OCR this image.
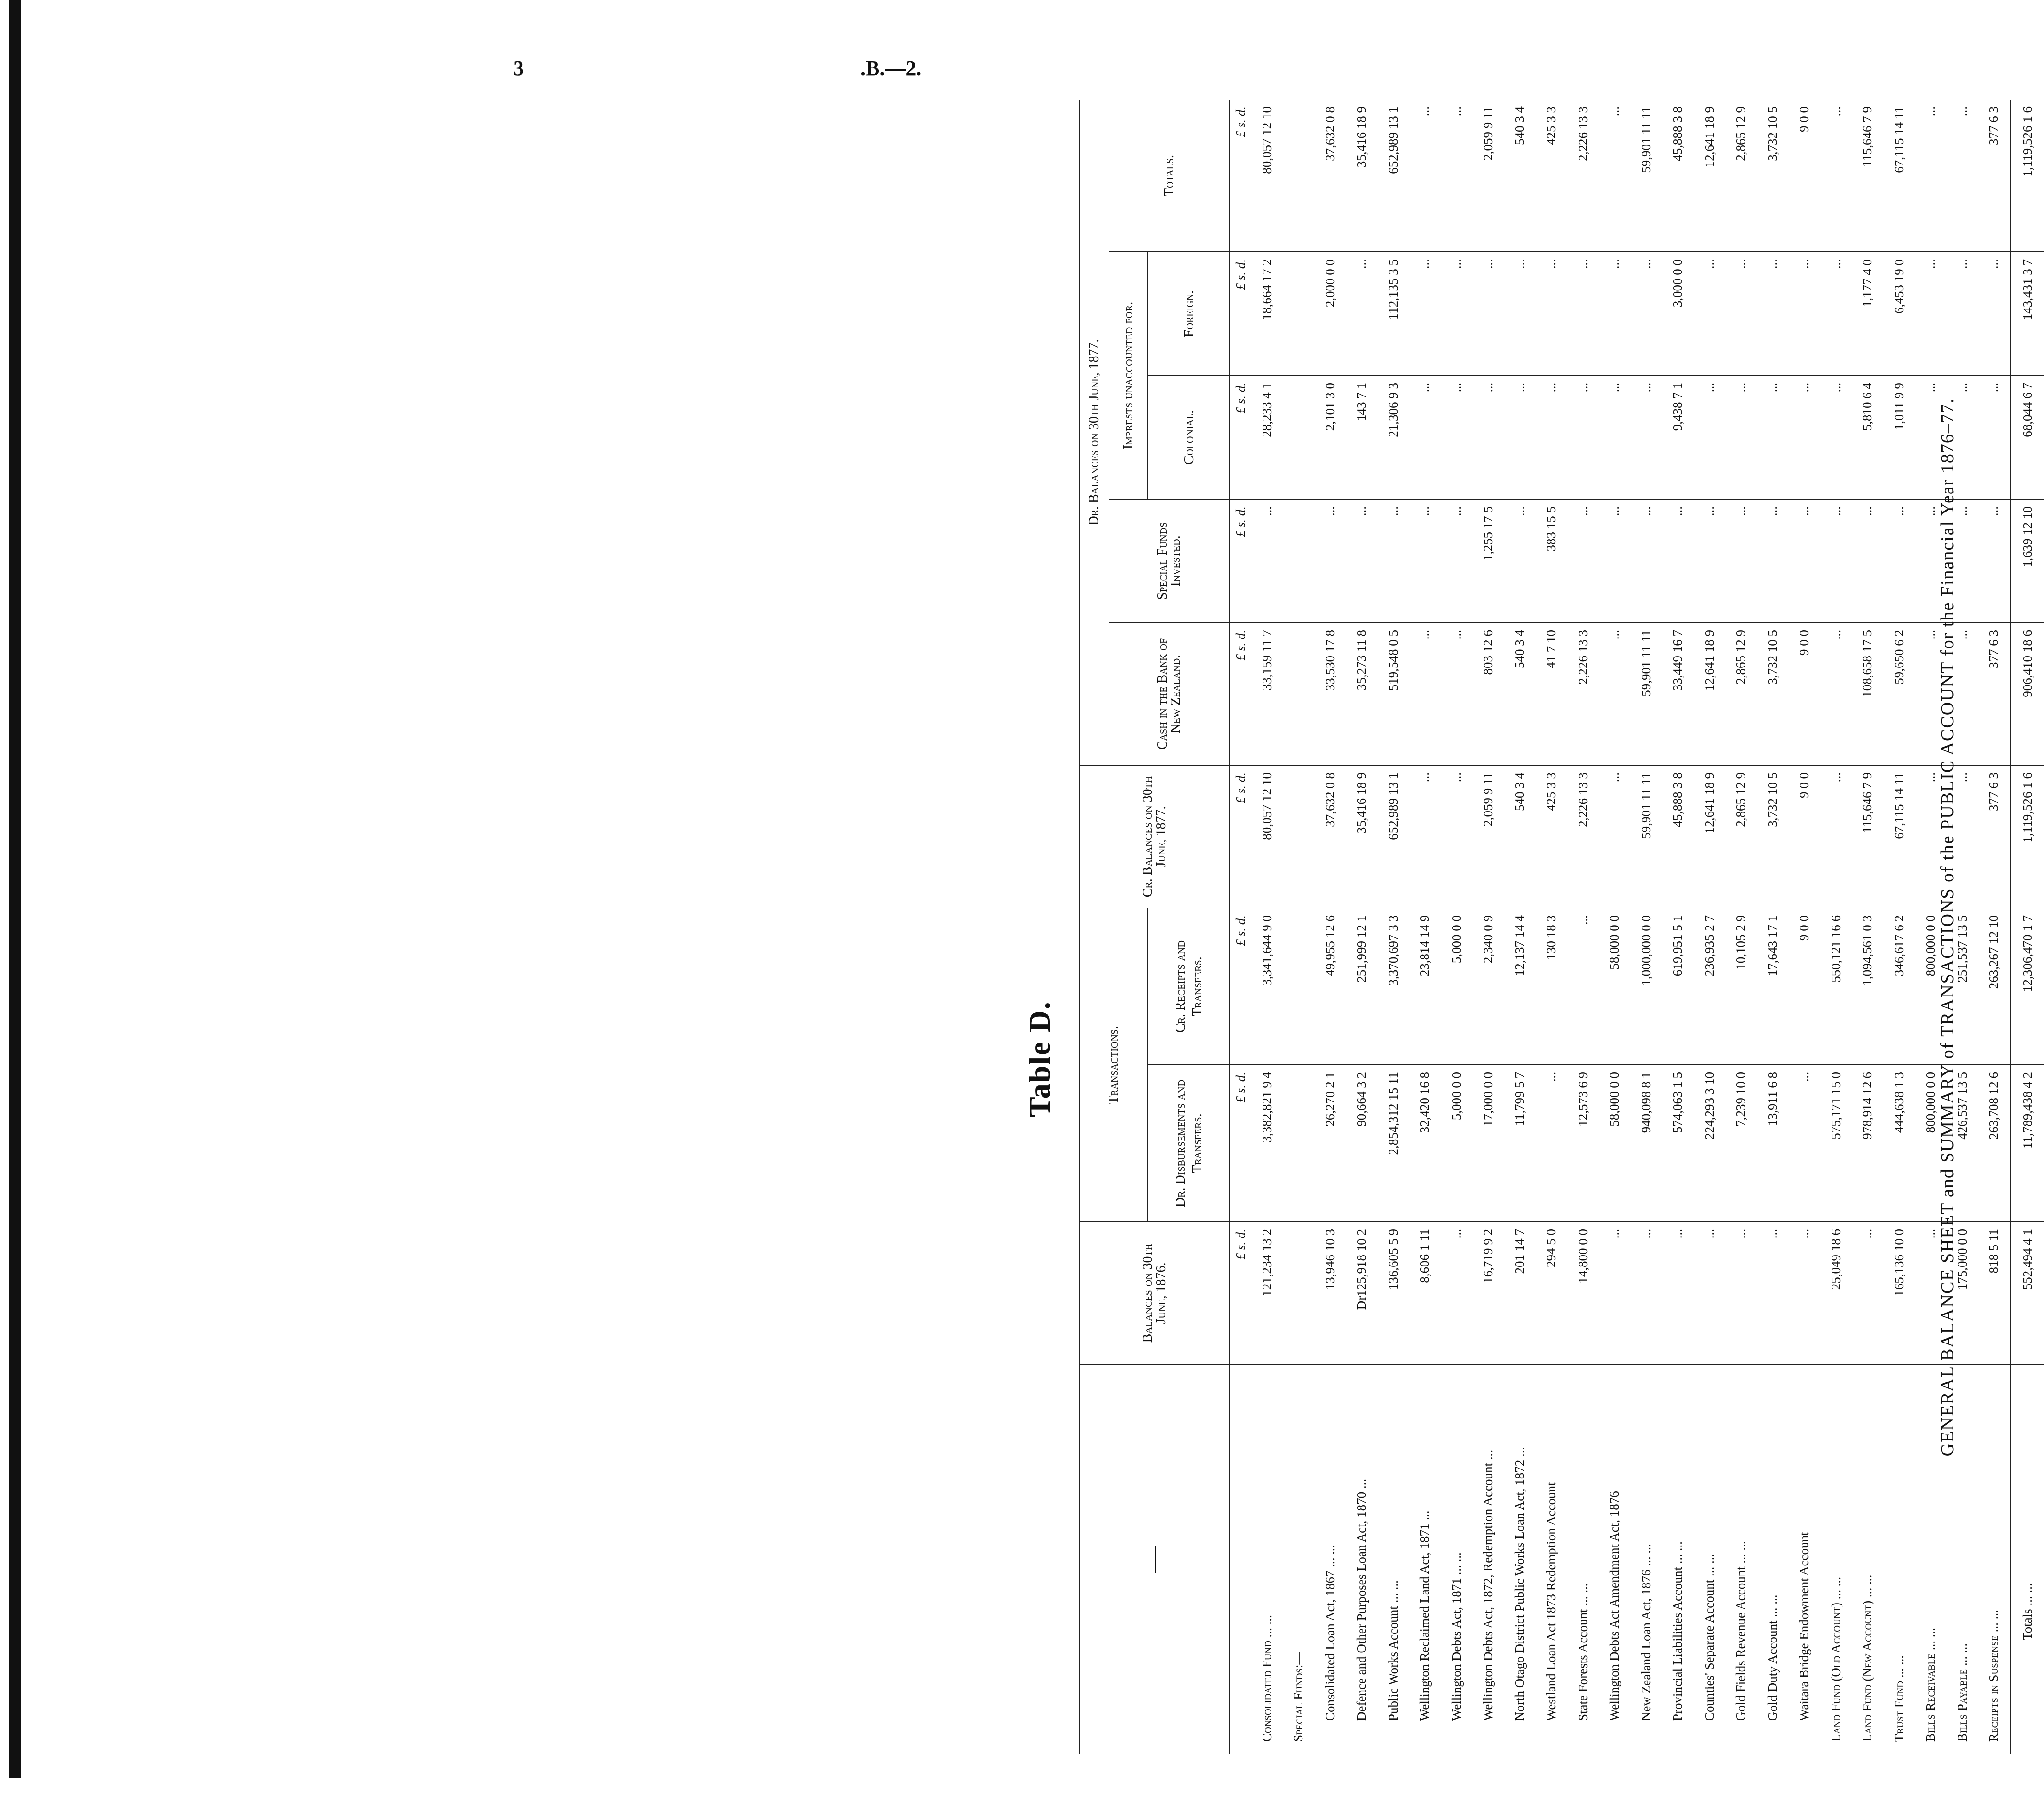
3	.B.—2.
Table D.
——	Balances on 30th June, 1876.	Transactions.		Cr. Balances on 30th June, 1877.	Dr. Balances on 30th June, 1877.				
					Cash in the Bank of New Zealand.	Special Funds Invested.	Imprests unaccounted for.		Totals.
		Dr. Disbursements and Transfers.	Cr. Receipts and Transfers.				Colonial.	Foreign.	
	£ s. d.	£ s. d.	£ s. d.	£ s. d.	£ s. d.	£ s. d.	£ s. d.	£ s. d.	£ s. d.
Consolidated Fund ... ...	121,234 13 2	3,382,821 9 4	3,341,644 9 0	80,057 12 10	33,159 11 7	...	28,233 4 1	18,664 17 2	80,057 12 10
Special Funds:—									
Consolidated Loan Act, 1867 ... ...	13,946 10 3	26,270 2 1	49,955 12 6	37,632 0 8	33,530 17 8	...	2,101 3 0	2,000 0 0	37,632 0 8
Defence and Other Purposes Loan Act, 1870 ...	Dr125,918 10 2	90,664 3 2	251,999 12 1	35,416 18 9	35,273 11 8	...	143 7 1	...	35,416 18 9
Public Works Account ... ...	136,605 5 9	2,854,312 15 11	3,370,697 3 3	652,989 13 1	519,548 0 5	...	21,306 9 3	112,135 3 5	652,989 13 1
Wellington Reclaimed Land Act, 1871 ...	8,606 1 11	32,420 16 8	23,814 14 9	...	...	...	...	...	...
Wellington Debts Act, 1871 ... ...	...	5,000 0 0	5,000 0 0	...	...	...	...	...	...
Wellington Debts Act, 1872, Redemption Account ...	16,719 9 2	17,000 0 0	2,340 0 9	2,059 9 11	803 12 6	1,255 17 5	...	...	2,059 9 11
North Otago District Public Works Loan Act, 1872 ...	201 14 7	11,799 5 7	12,137 14 4	540 3 4	540 3 4	...	...	...	540 3 4
Westland Loan Act 1873 Redemption Account	294 5 0	...	130 18 3	425 3 3	41 7 10	383 15 5	...	...	425 3 3
State Forests Account ... ...	14,800 0 0	12,573 6 9	...	2,226 13 3	2,226 13 3	...	...	...	2,226 13 3
Wellington Debts Act Amendment Act, 1876	...	58,000 0 0	58,000 0 0	...	...	...	...	...	...
New Zealand Loan Act, 1876 ... ...	...	940,098 8 1	1,000,000 0 0	59,901 11 11	59,901 11 11	...	...	...	59,901 11 11
Provincial Liabilities Account ... ...	...	574,063 1 5	619,951 5 1	45,888 3 8	33,449 16 7	...	9,438 7 1	3,000 0 0	45,888 3 8
Counties' Separate Account ... ...	...	224,293 3 10	236,935 2 7	12,641 18 9	12,641 18 9	...	...	...	12,641 18 9
Gold Fields Revenue Account ... ...	...	7,239 10 0	10,105 2 9	2,865 12 9	2,865 12 9	...	...	...	2,865 12 9
Gold Duty Account ... ...	...	13,911 6 8	17,643 17 1	3,732 10 5	3,732 10 5	...	...	...	3,732 10 5
Waitara Bridge Endowment Account	...	...	9 0 0	9 0 0	9 0 0	...	...	...	9 0 0
Land Fund (Old Account) ... ...	25,049 18 6	575,171 15 0	550,121 16 6	...	...	...	...	...	...
Land Fund (New Account) ... ...	...	978,914 12 6	1,094,561 0 3	115,646 7 9	108,658 17 5	...	5,810 6 4	1,177 4 0	115,646 7 9
Trust Fund ... ...	165,136 10 0	444,638 1 3	346,617 6 2	67,115 14 11	59,650 6 2	...	1,011 9 9	6,453 19 0	67,115 14 11
Bills Receivable ... ...	...	800,000 0 0	800,000 0 0	...	...	...	...	...	...
Bills Payable ... ...	175,000 0 0	426,537 13 5	251,537 13 5	...	...	...	...	...	...
Receipts in Suspense ... ...	818 5 11	263,708 12 6	263,267 12 10	377 6 3	377 6 3	...	...	...	377 6 3
Totals ... ...	552,494 4 1	11,789,438 4 2	12,306,470 1 7	1,119,526 1 6	906,410 18 6	1,639 12 10	68,044 6 7	143,431 3 7	1,119,526 1 6
GENERAL BALANCE SHEET and SUMMARY of TRANSACTIONS of the PUBLIC ACCOUNT for the Financial Year 1876–77.
